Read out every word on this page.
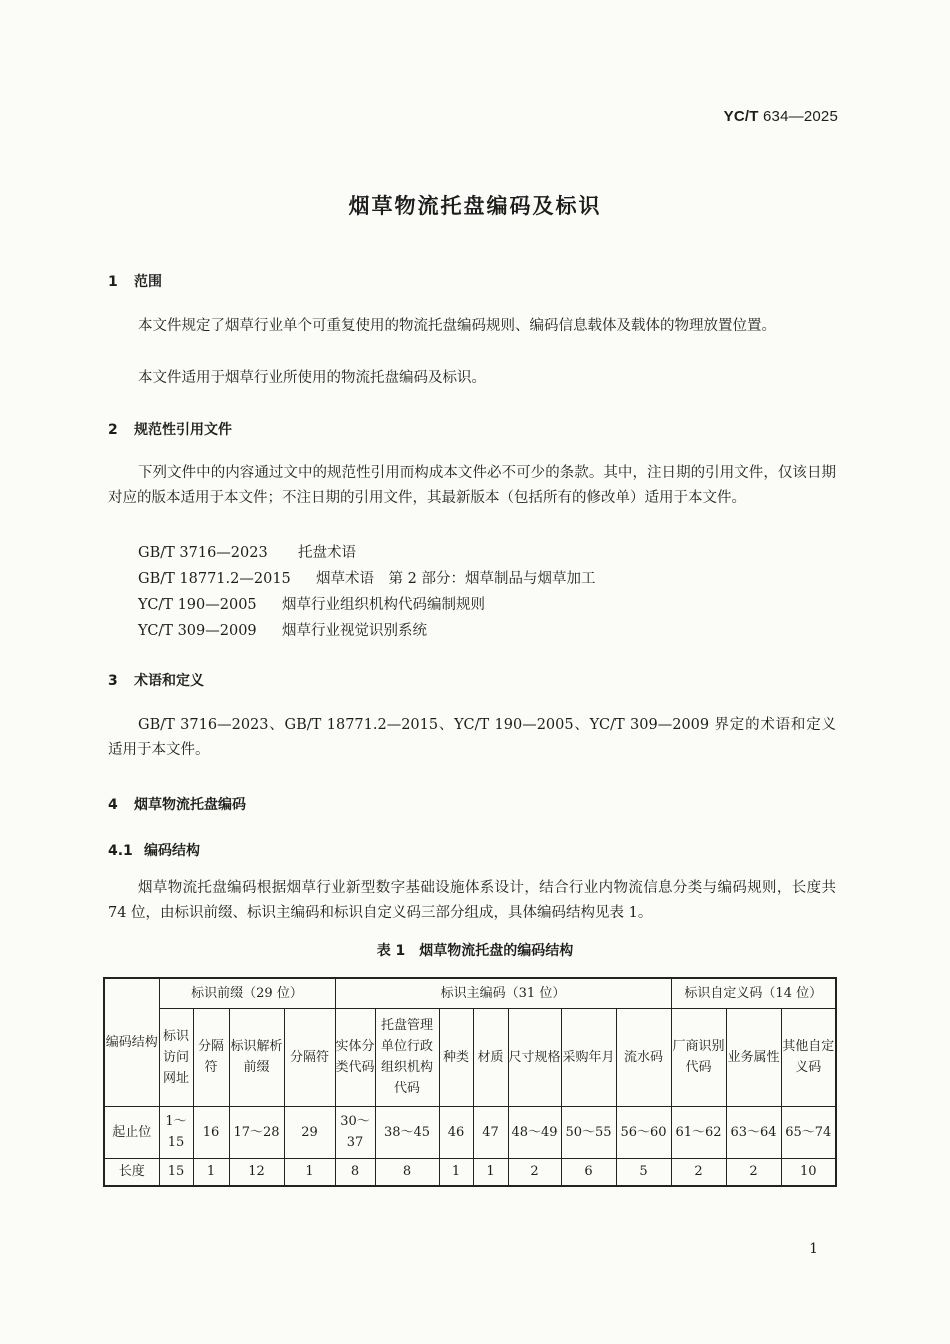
YC/T 634—2025
烟草物流托盘编码及标识
1 范围
本文件规定了烟草行业单个可重复使用的物流托盘编码规则、编码信息载体及载体的物理放置位置。
本文件适用于烟草行业所使用的物流托盘编码及标识。
2 规范性引用文件
下列文件中的内容通过文中的规范性引用而构成本文件必不可少的条款。其中，注日期的引用文件，仅该日期对应的版本适用于本文件；不注日期的引用文件，其最新版本（包括所有的修改单）适用于本文件。
GB/T 3716—2023 托盘术语
GB/T 18771.2—2015 烟草术语　第 2 部分：烟草制品与烟草加工
YC/T 190—2005 烟草行业组织机构代码编制规则
YC/T 309—2009 烟草行业视觉识别系统
3 术语和定义
GB/T 3716—2023、GB/T 18771.2—2015、YC/T 190—2005、YC/T 309—2009 界定的术语和定义适用于本文件。
4 烟草物流托盘编码
4.1 编码结构
烟草物流托盘编码根据烟草行业新型数字基础设施体系设计，结合行业内物流信息分类与编码规则，长度共 74 位，由标识前缀、标识主编码和标识自定义码三部分组成，具体编码结构见表 1。
表 1　烟草物流托盘的编码结构
编码结构	标识前缀（29 位）				标识主编码（31 位）							标识自定义码（14 位）		
	标识访问网址	分隔符	标识解析前缀	分隔符	实体分类代码	托盘管理单位行政组织机构代码	种类	材质	尺寸规格	采购年月	流水码	厂商识别代码	业务属性	其他自定义码
起止位	1～15	16	17～28	29	30～37	38～45	46	47	48～49	50～55	56～60	61～62	63～64	65～74
长度	15	1	12	1	8	8	1	1	2	6	5	2	2	10
1
